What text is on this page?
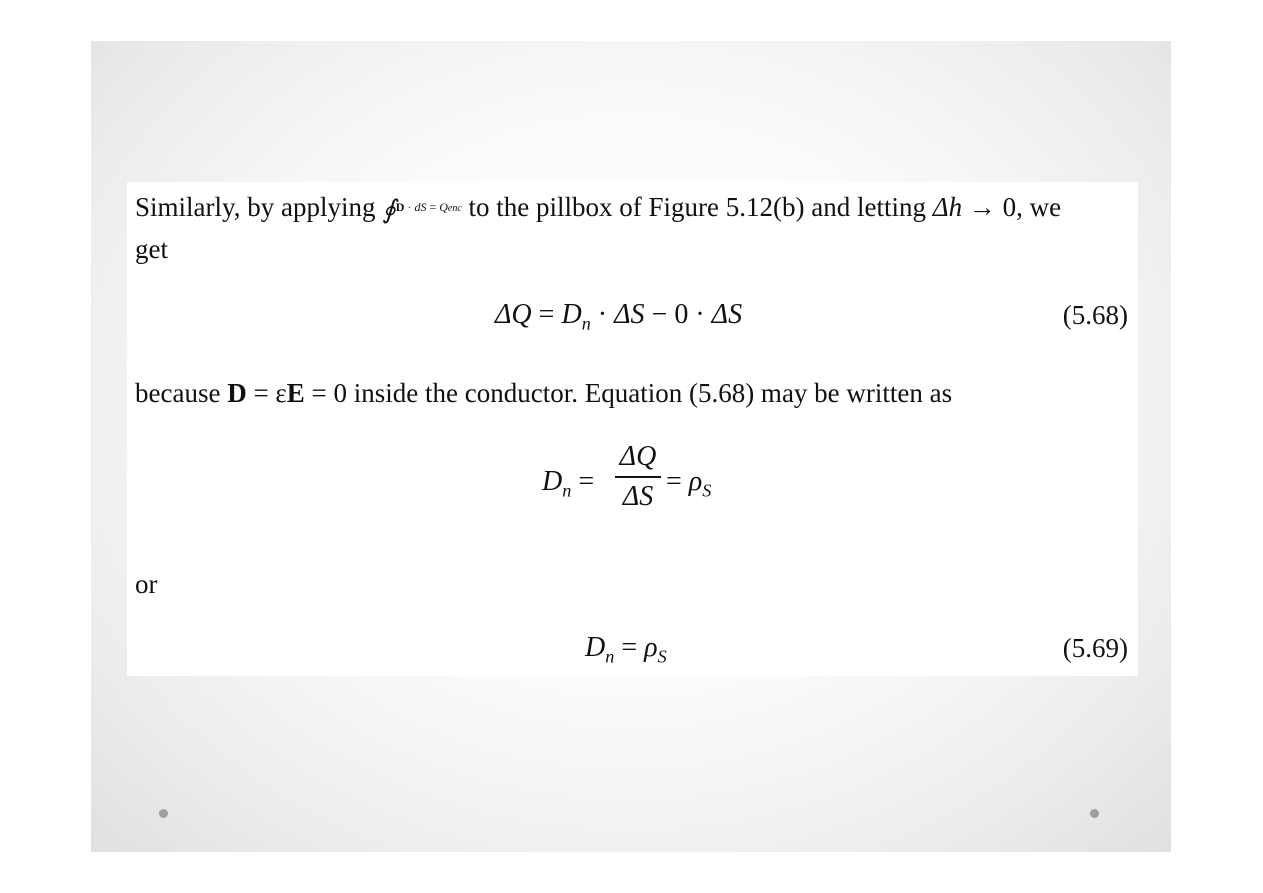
Similarly, by applying ∮D · dS = Qenc to the pillbox of Figure 5.12(b) and letting Δh → 0, we
get
$\Delta Q = D_n \cdot \Delta S - 0 \cdot \Delta S$	(5.68)
because D = εE = 0 inside the conductor. Equation (5.68) may be written as
$D_n$ =
ΔQ
$\Delta S = \rho_S$
or
$D_n = \rho_S$	(5.69)
